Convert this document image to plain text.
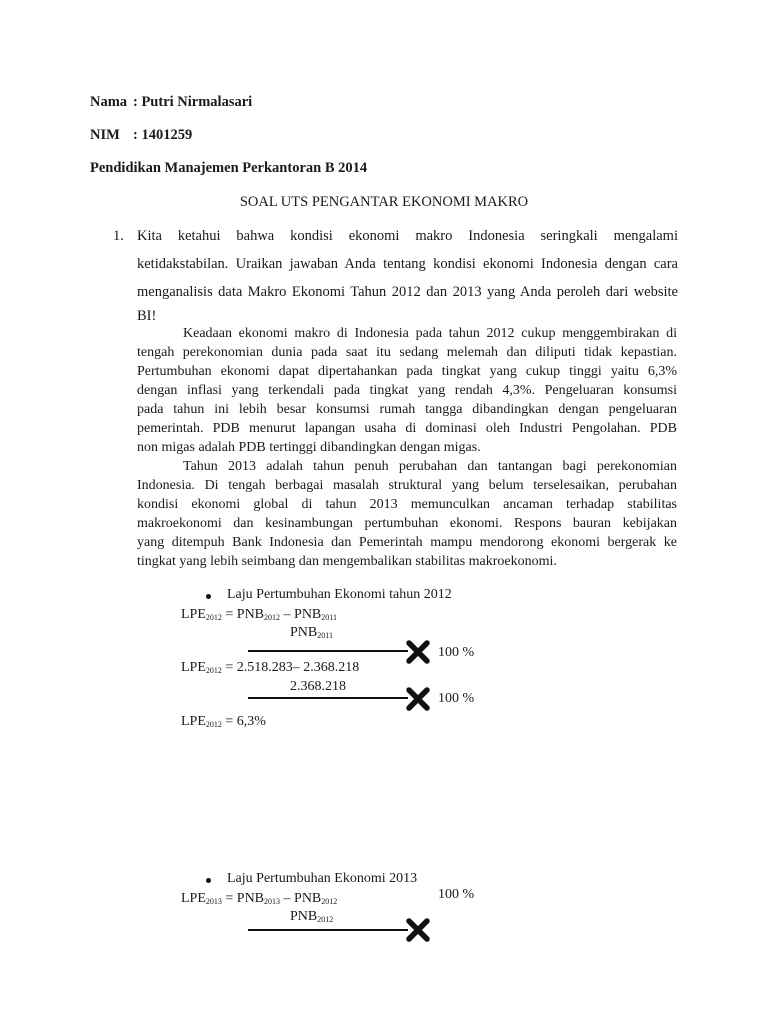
Nama : Putri Nirmalasari
NIM : 1401259
Pendidikan Manajemen Perkantoran B 2014
SOAL UTS PENGANTAR EKONOMI MAKRO
1. Kita ketahui bahwa kondisi ekonomi makro Indonesia seringkali mengalami
ketidakstabilan. Uraikan jawaban Anda tentang kondisi ekonomi Indonesia dengan cara
menganalisis data Makro Ekonomi Tahun 2012 dan 2013 yang Anda peroleh dari website
BI!
Keadaan ekonomi makro di Indonesia pada tahun 2012 cukup menggembirakan di
tengah perekonomian dunia pada saat itu sedang melemah dan diliputi tidak kepastian.
Pertumbuhan ekonomi dapat dipertahankan pada tingkat yang cukup tinggi yaitu 6,3%
dengan inflasi yang terkendali pada tingkat yang rendah 4,3%. Pengeluaran konsumsi
pada tahun ini lebih besar konsumsi rumah tangga dibandingkan dengan pengeluaran
pemerintah. PDB menurut lapangan usaha di dominasi oleh Industri Pengolahan. PDB
non migas adalah PDB tertinggi dibandingkan dengan migas.
Tahun 2013 adalah tahun penuh perubahan dan tantangan bagi perekonomian
Indonesia. Di tengah berbagai masalah struktural yang belum terselesaikan, perubahan
kondisi ekonomi global di tahun 2013 memunculkan ancaman terhadap stabilitas
makroekonomi dan kesinambungan pertumbuhan ekonomi. Respons bauran kebijakan
yang ditempuh Bank Indonesia dan Pemerintah mampu mendorong ekonomi bergerak ke
tingkat yang lebih seimbang dan mengembalikan stabilitas makroekonomi.
Laju Pertumbuhan Ekonomi tahun 2012
$LPE_{2012} = PNB_{2012} - PNB_{2011}$
$PNB_{2011}$
100 %
$LPE_{2012} = 2.518.283-$ 2.368.218
2.368.218
100 %
$LPE_{2012} = 6,3\%$
Laju Pertumbuhan Ekonomi 2013
$LPE_{2013} = PNB_{2013} - PNB_{2012}$	100 %
$PNB_{2012}$
